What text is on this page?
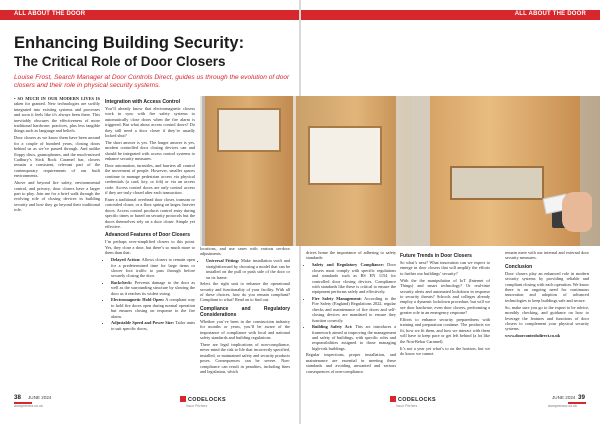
ALL ABOUT THE DOOR	ALL ABOUT THE DOOR
Enhancing Building Security:
The Critical Role of Door Closers

Louise Frost, Search Manager at Door Controls Direct, guides us through the evolution of door closers and their role in physical security systems.

• SO MUCH IN OUR MODERN LIVES IS taken for granted. New technologies are swiftly integrated into existing systems and processes and soon it feels like it's always been there. This inevitably obscures the effectiveness of more traditional hardware; practices, plus less tangible things such as language and beliefs.

Door closers as we know them have been around for a couple of hundred years, closing doors behind us as we’ve passed through. And unlike floppy discs, gramophones, and the much-missed Cadbury’s Stick Rock Caramel bar, closers remain a consistent, relevant part of the contemporary requirements of our built environments.

Above and beyond fire safety, environmental control, and privacy, door closers have a larger part to play. Join me for a brief walk through the evolving role of closing devices in building security and how they go beyond their traditional role.

Integration with Access Control

You’ll already know that electromagnetic closers work in sync with fire safety systems to automatically close doors when the fire alarm is triggered. But what about access control doors? Do they still need a door closer if they’re usually locked shut?

The short answer is yes. The longer answer is yes, modern controlled door closing devices can and should be integrated with access control systems to enhance security measures.

Door automation, turnstiles, and barriers all control the movement of people. However, smaller spaces continue to manage pedestrian access via physical credentials (a card, key, or fob) or via an access code. Access control doors are only control access if they are truly closed after each transaction.

Enter a traditional overhead door closer, transom or concealed closer, or a floor spring on larger, heavier doors. Access control products control entry during specific times or based on security protocols but the doors themselves rely on a door closer. Simple yet effective.

Advanced Features of Door Closers

I’m perhaps over-simplified closers to this point. Yes, they close a door, but there’s so much more to them than that:

• Delayed Action: Allows closers to remain open for a predetermined time for large items or slower foot traffic to pass through before securely closing the door.
• Backcheck: Prevents damage to the door as well as the surrounding structure by slowing the door as it reaches its widest swing.
• Electromagnetic Hold Open: A compliant way to hold fire doors open during normal operation but ensures closing on response to the fire alarm.
• Adjustable Speed and Power Size: Tailor units to suit specific doors,

locations, and use cases with various on-door adjustments.

• Universal Fitting: Make installation swift and straightforward by choosing a model that can be installed on the pull or push side of the door or on its frame.

Select the right unit to enhance the operational security and functionality of your facility. With all of these choices, how do you remain compliant? Compliant to what? Read on to find out.

Compliance and Regulatory Considerations

Whether you’ve been in the construction industry for months or years, you’ll be aware of the importance of compliance with local and national safety standards and building regulations.

There are legal implications of non-compliance, never mind the risk to life that incorrectly specified, installed, or maintained safety and security products poses. Consequences can be severe. Non-compliance can result in penalties, including fines and legislation, which

drives home the importance of adhering to safety standards:

• Safety and Regulatory Compliance: Door closers must comply with specific regulations and standards such as BS EN 1154 for controlled door closing devices. Compliance with standards like these is critical to ensure the equipment performs safely and effectively.
• Fire Safety Management: According to the Fire Safety (England) Regulations 2022, regular checks and maintenance of fire doors and self-closing devices are mandated to ensure they function correctly.
• Building Safety Act: This act introduces a framework aimed at improving the management and safety of buildings, with specific roles and responsibilities assigned to those managing high-risk buildings.

Regular inspections, proper installation, and maintenance are essential in meeting these standards and avoiding unwanted and serious consequences of non-compliance.

Future Trends in Door Closers

So what’s next? What innovation can we expect to emerge in door closers that will amplify the efforts to further our buildings’ security?

With the the manipulation of IoT (Internet of Things) and smart technology? Or real-time security alerts and automated lockdown in response to security threats? Schools and colleges already employ a dynamic lockdown procedure, but will we see door hardware, even door closers, performing a greater role in an emergency response?

Efforts to enhance security preparedness with training and preparation continue. The products we fit, how we fit them, and how we interact with them will have to keep pace or get left behind (a lot like the Non-Rebar Caramel).

It’s not a year yet what’s to on the horizon, but we do know we cannot

remain mere with our internal and external door security measures.

Conclusion

Door closers play an enhanced role in modern security systems by providing reliable and compliant closing with each operation. We know there is an ongoing need for continuous innovation and adoption of advanced technologies to keep buildings safe and secure.

So, make sure you go to the expert to be advice, monthly checking, and guidance on how to leverage the features and functions of door closers to complement your physical security systems.

www.doorcontrolsdirect.co.uk

38 JUNE 2024
doorpreneur.co.uk
CODELOCKS
Issue Pitchers
CODELOCKS
Issue Pitchers
JUNE 2024 39
doorpreneur.co.uk
